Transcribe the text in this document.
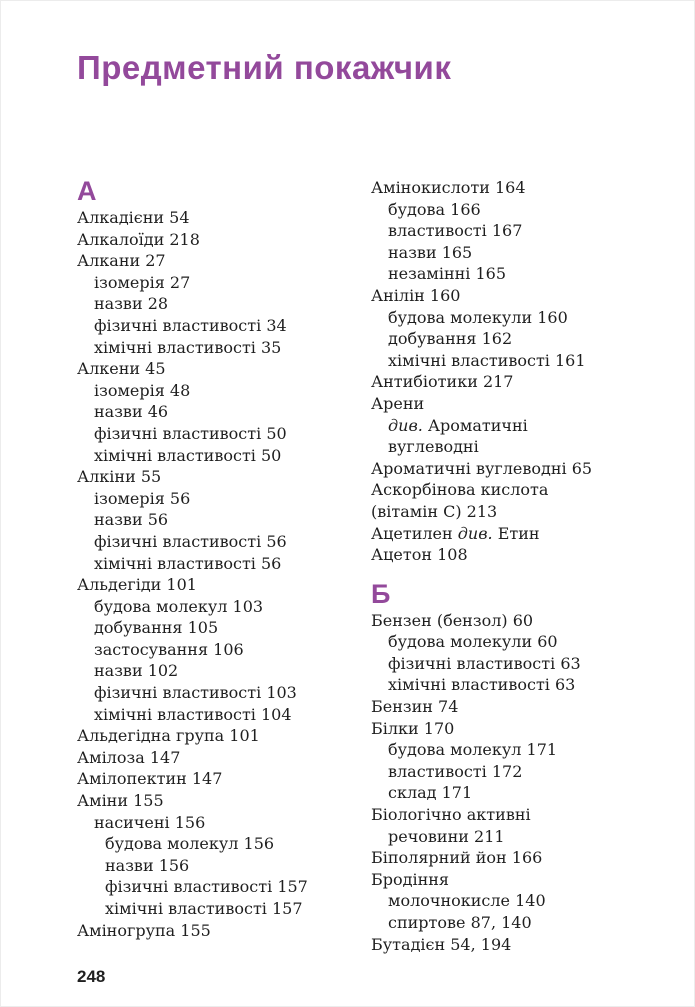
Предметний покажчик
А
Алкадієни 54
Алкалоїди 218
Алкани 27
ізомерія 27
назви 28
фізичні властивості 34
хімічні властивості 35
Алкени 45
ізомерія 48
назви 46
фізичні властивості 50
хімічні властивості 50
Алкіни 55
ізомерія 56
назви 56
фізичні властивості 56
хімічні властивості 56
Альдегіди 101
будова молекул 103
добування 105
застосування 106
назви 102
фізичні властивості 103
хімічні властивості 104
Альдегідна група 101
Амілоза 147
Амілопектин 147
Аміни 155
насичені 156
будова молекул 156
назви 156
фізичні властивості 157
хімічні властивості 157
Аміногрупа 155
Амінокислоти 164
будова 166
властивості 167
назви 165
незамінні 165
Анілін 160
будова молекули 160
добування 162
хімічні властивості 161
Антибіотики 217
Арени
див. Ароматичні
вуглеводні
Ароматичні вуглеводні 65
Аскорбінова кислота
(вітамін С) 213
Ацетилен див. Етин
Ацетон 108
Б
Бензен (бензол) 60
будова молекули 60
фізичні властивості 63
хімічні властивості 63
Бензин 74
Білки 170
будова молекул 171
властивості 172
склад 171
Біологічно активні
речовини 211
Біполярний йон 166
Бродіння
молочнокисле 140
спиртове 87, 140
Бутадієн 54, 194
248
